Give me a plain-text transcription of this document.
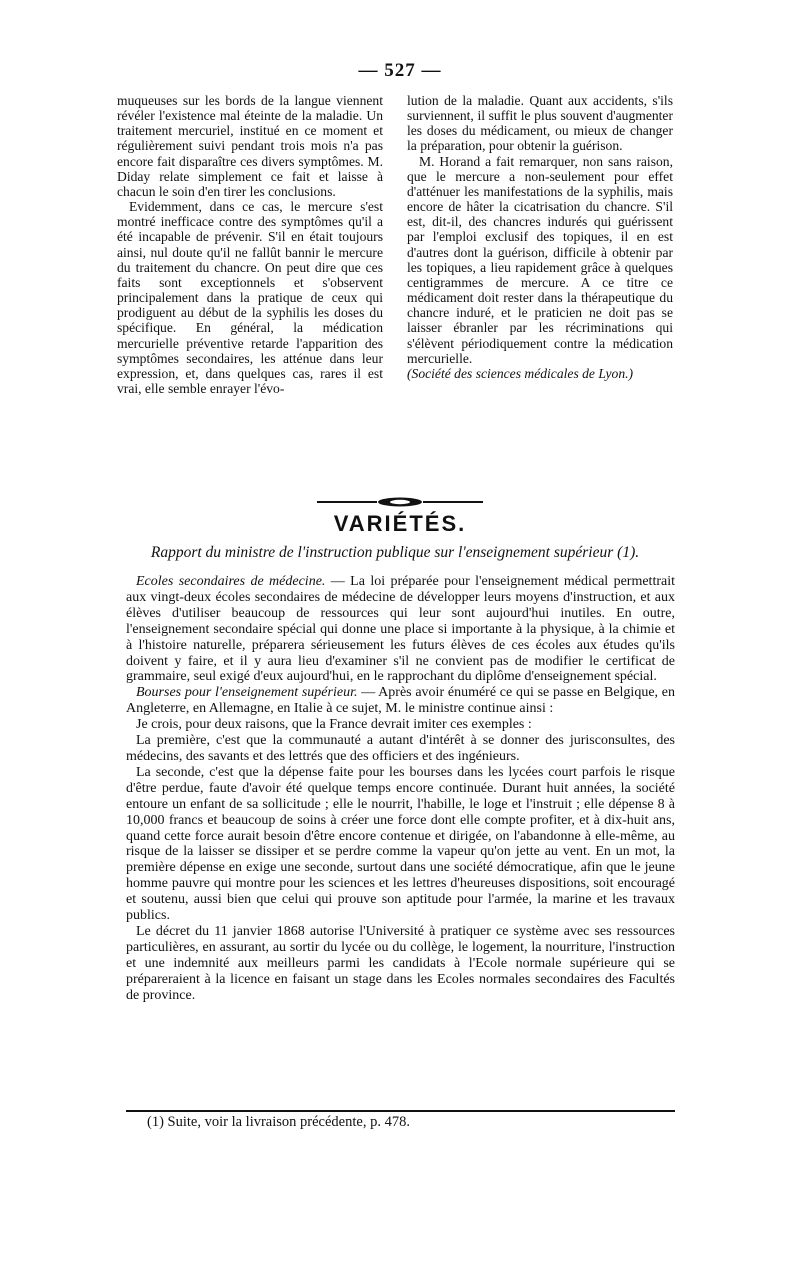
— 527 —

muqueuses sur les bords de la langue viennent révéler l'existence mal éteinte de la maladie. Un traitement mercuriel, institué en ce moment et régulièrement suivi pendant trois mois n'a pas encore fait disparaître ces divers symptômes. M. Diday relate simplement ce fait et laisse à chacun le soin d'en tirer les conclusions.

Evidemment, dans ce cas, le mercure s'est montré inefficace contre des symptômes qu'il a été incapable de prévenir. S'il en était toujours ainsi, nul doute qu'il ne fallût bannir le mercure du traitement du chancre. On peut dire que ces faits sont exceptionnels et s'observent principalement dans la pratique de ceux qui prodiguent au début de la syphilis les doses du spécifique. En général, la médication mercurielle préventive retarde l'apparition des symptômes secondaires, les atténue dans leur expression, et, dans quelques cas, rares il est vrai, elle semble enrayer l'évo-

lution de la maladie. Quant aux accidents, s'ils surviennent, il suffit le plus souvent d'augmenter les doses du médicament, ou mieux de changer la préparation, pour obtenir la guérison.

M. Horand a fait remarquer, non sans raison, que le mercure a non-seulement pour effet d'atténuer les manifestations de la syphilis, mais encore de hâter la cicatrisation du chancre. S'il est, dit-il, des chancres indurés qui guérissent par l'emploi exclusif des topiques, il en est d'autres dont la guérison, difficile à obtenir par les topiques, a lieu rapidement grâce à quelques centigrammes de mercure. A ce titre ce médicament doit rester dans la thérapeutique du chancre induré, et le praticien ne doit pas se laisser ébranler par les récriminations qui s'élèvent périodiquement contre la médication mercurielle.

(Société des sciences médicales de Lyon.)

VARIÉTÉS.
Rapport du ministre de l'instruction publique sur l'enseignement supérieur (1).

Ecoles secondaires de médecine. — La loi préparée pour l'enseignement médical permettrait aux vingt-deux écoles secondaires de médecine de développer leurs moyens d'instruction, et aux élèves d'utiliser beaucoup de ressources qui leur sont aujourd'hui inutiles. En outre, l'enseignement secondaire spécial qui donne une place si importante à la physique, à la chimie et à l'histoire naturelle, préparera sérieusement les futurs élèves de ces écoles aux études qu'ils doivent y faire, et il y aura lieu d'examiner s'il ne convient pas de modifier le certificat de grammaire, seul exigé d'eux aujourd'hui, en le rapprochant du diplôme d'enseignement spécial.

Bourses pour l'enseignement supérieur. — Après avoir énuméré ce qui se passe en Belgique, en Angleterre, en Allemagne, en Italie à ce sujet, M. le ministre continue ainsi :

Je crois, pour deux raisons, que la France devrait imiter ces exemples :

La première, c'est que la communauté a autant d'intérêt à se donner des jurisconsultes, des médecins, des savants et des lettrés que des officiers et des ingénieurs.

La seconde, c'est que la dépense faite pour les bourses dans les lycées court parfois le risque d'être perdue, faute d'avoir été quelque temps encore continuée. Durant huit années, la société entoure un enfant de sa sollicitude ; elle le nourrit, l'habille, le loge et l'instruit ; elle dépense 8 à 10,000 francs et beaucoup de soins à créer une force dont elle compte profiter, et à dix-huit ans, quand cette force aurait besoin d'être encore contenue et dirigée, on l'abandonne à elle-même, au risque de la laisser se dissiper et se perdre comme la vapeur qu'on jette au vent. En un mot, la première dépense en exige une seconde, surtout dans une société démocratique, afin que le jeune homme pauvre qui montre pour les sciences et les lettres d'heureuses dispositions, soit encouragé et soutenu, aussi bien que celui qui prouve son aptitude pour l'armée, la marine et les travaux publics.

Le décret du 11 janvier 1868 autorise l'Université à pratiquer ce système avec ses ressources particulières, en assurant, au sortir du lycée ou du collège, le logement, la nourriture, l'instruction et une indemnité aux meilleurs parmi les candidats à l'Ecole normale supérieure qui se prépareraient à la licence en faisant un stage dans les Ecoles normales secondaires des Facultés de province.

(1) Suite, voir la livraison précédente, p. 478.
